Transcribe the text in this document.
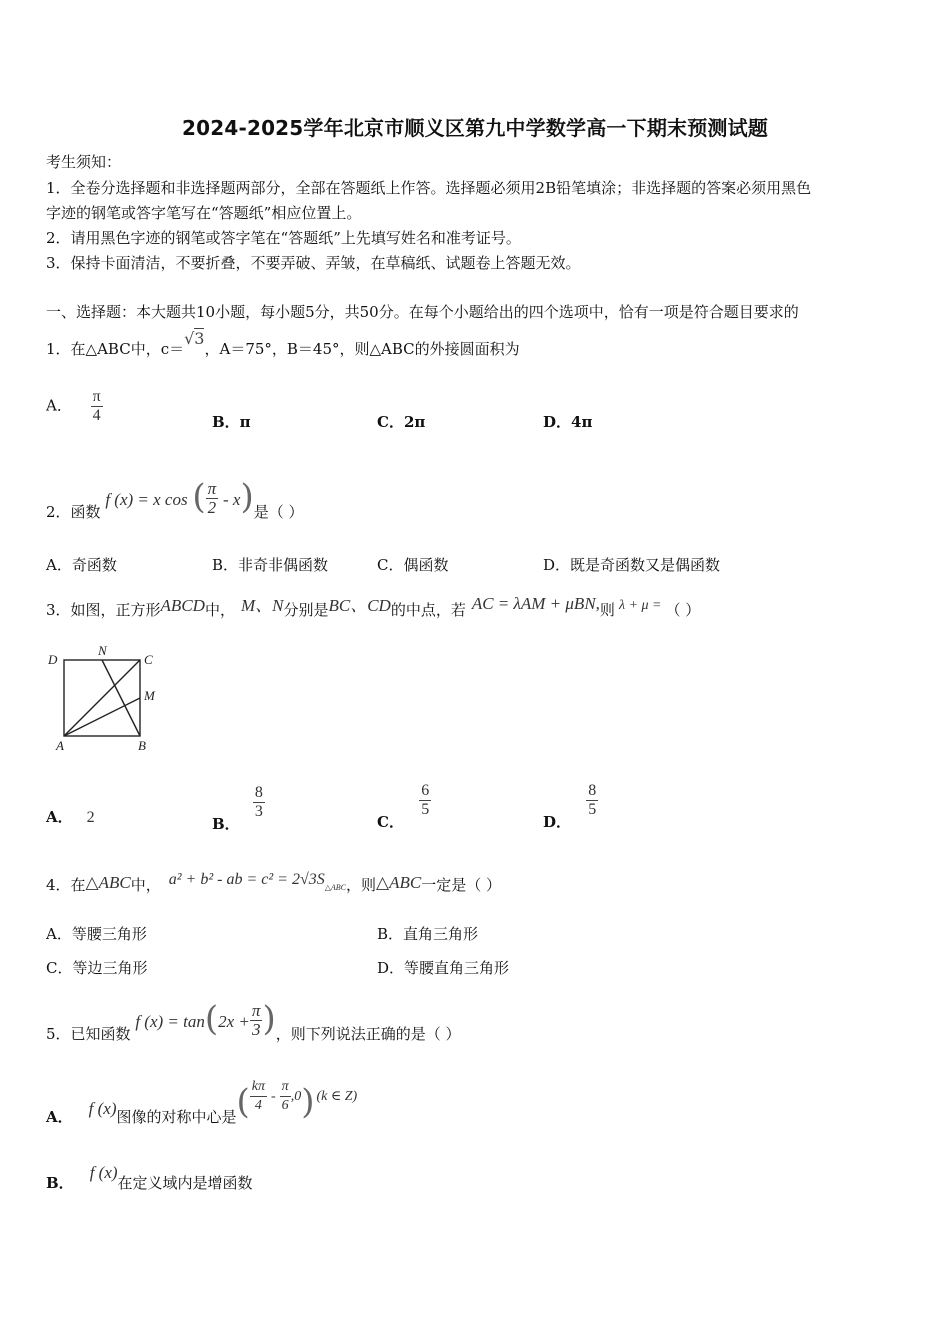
2024-2025学年北京市顺义区第九中学数学高一下期末预测试题
考生须知：
1．全卷分选择题和非选择题两部分，全部在答题纸上作答。选择题必须用2B铅笔填涂；非选择题的答案必须用黑色
字迹的钢笔或答字笔写在“答题纸”相应位置上。
2．请用黑色字迹的钢笔或答字笔在“答题纸”上先填写姓名和准考证号。
3．保持卡面清洁，不要折叠，不要弄破、弄皱，在草稿纸、试题卷上答题无效。
一、选择题：本大题共10小题，每小题5分，共50分。在每个小题给出的四个选项中，恰有一项是符合题目要求的
1．在△ABC中，c＝√3，A＝75°，B＝45°，则△ABC的外接圆面积为
A． $\frac{\pi}{4}$	B．π	C．2π	D．4π
2．函数 f (x) = x cos ( $\frac{\pi}{2} - x$)是（ ）
A．奇函数	B．非奇非偶函数	C．偶函数	D．既是奇函数又是偶函数
3．如图，正方形ABCD中， M、N分别是BC、CD的中点，若 AC = λAM + μBN,则 λ + μ = （ ）
D
N
C
M
A	B
A． 2	B．
$\frac{8}{3}$
C．
$\frac{6}{5}$
D．
$\frac{8}{5}$
4．在△ABC中， a² + b² - ab = c² = 2√3S△ABC，则△ABC一定是（ ）
A．等腰三角形	B．直角三角形
C．等边三角形	D．等腰直角三角形
5．已知函数 f $(x) = \tan(2x + \frac{\pi}{3}$ )，则下列说法正确的是（ ）
A． f (x)图像的对称中心是( $\frac{k\pi}{4} - \frac{\pi}{6} ,0$) (k ∈ Z)
B．f (x)在定义域内是增函数
